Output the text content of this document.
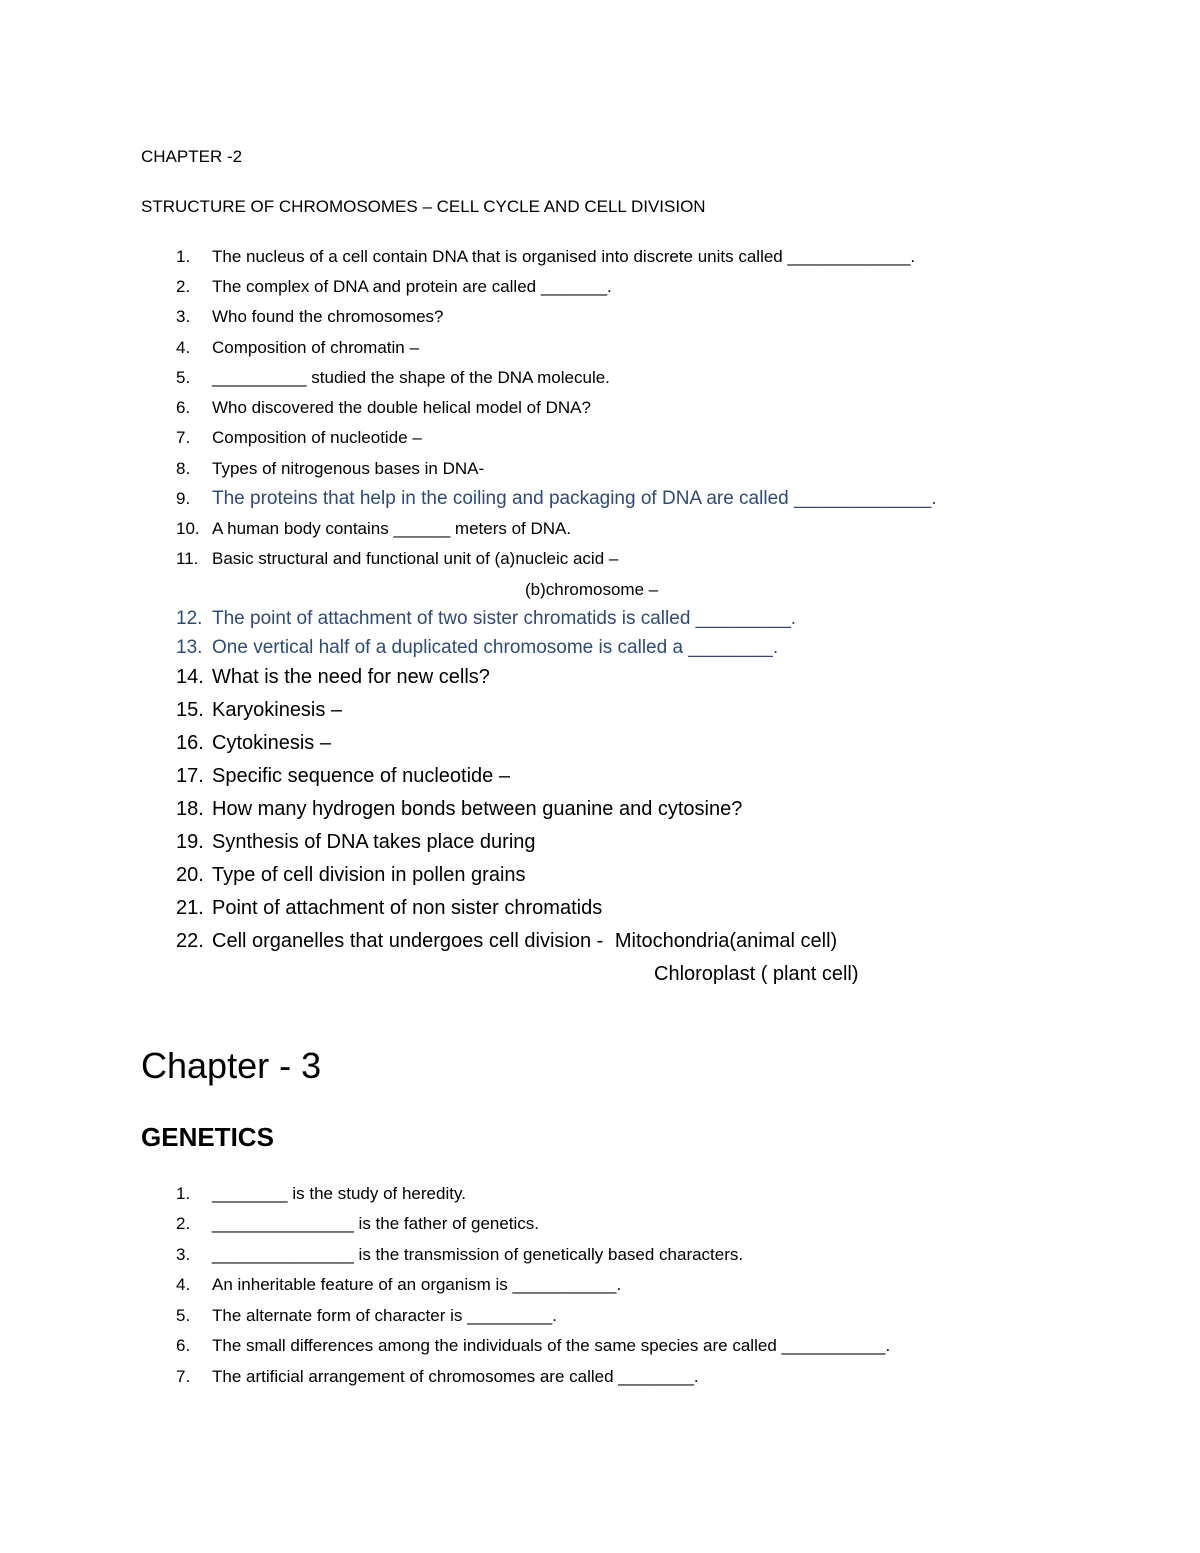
CHAPTER -2
STRUCTURE OF CHROMOSOMES – CELL CYCLE AND CELL DIVISION
1. The nucleus of a cell contain DNA that is organised into discrete units called _____________.
2. The complex of DNA and protein are called _______.
3. Who found the chromosomes?
4. Composition of chromatin –
5. __________ studied the shape of the DNA molecule.
6. Who discovered the double helical model of DNA?
7. Composition of nucleotide –
8. Types of nitrogenous bases in DNA-
9. The proteins that help in the coiling and packaging of DNA are called _____________.
10. A human body contains ______ meters of DNA.
11. Basic structural and functional unit of (a)nucleic acid –
(b)chromosome –
12. The point of attachment of two sister chromatids is called _________.
13. One vertical half of a duplicated chromosome is called a ________.
14. What is the need for new cells?
15. Karyokinesis –
16. Cytokinesis –
17. Specific sequence of nucleotide –
18. How many hydrogen bonds between guanine and cytosine?
19. Synthesis of DNA takes place during
20. Type of cell division in pollen grains
21. Point of attachment of non sister chromatids
22. Cell organelles that undergoes cell division - Mitochondria(animal cell)
Chloroplast ( plant cell)
Chapter - 3
GENETICS
1. ________ is the study of heredity.
2. _______________ is the father of genetics.
3. _______________ is the transmission of genetically based characters.
4. An inheritable feature of an organism is ___________.
5. The alternate form of character is _________.
6. The small differences among the individuals of the same species are called ___________.
7. The artificial arrangement of chromosomes are called ________.
